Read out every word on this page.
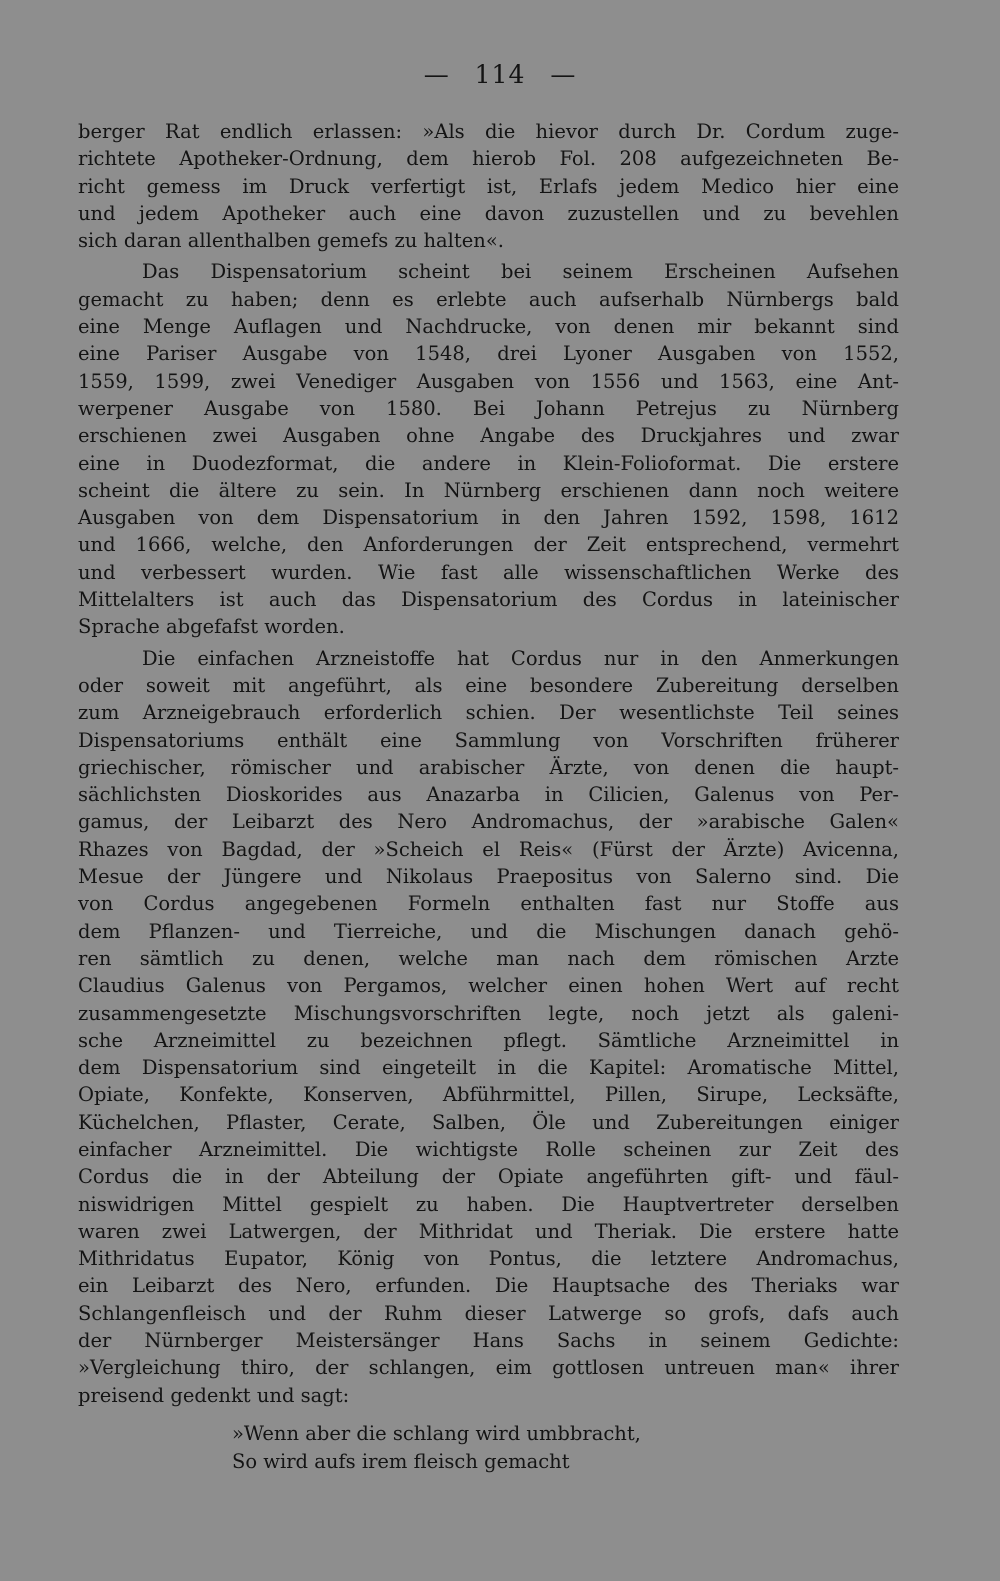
— 114 —

berger Rat endlich erlassen: »Als die hievor durch Dr. Cordum zuge-
richtete Apotheker-Ordnung, dem hierob Fol. 208 aufgezeichneten Be-
richt gemess im Druck verfertigt ist, Erlafs jedem Medico hier eine
und jedem Apotheker auch eine davon zuzustellen und zu bevehlen
sich daran allenthalben gemefs zu halten«.

Das Dispensatorium scheint bei seinem Erscheinen Aufsehen
gemacht zu haben; denn es erlebte auch aufserhalb Nürnbergs bald
eine Menge Auflagen und Nachdrucke, von denen mir bekannt sind
eine Pariser Ausgabe von 1548, drei Lyoner Ausgaben von 1552,
1559, 1599, zwei Venediger Ausgaben von 1556 und 1563, eine Ant-
werpener Ausgabe von 1580. Bei Johann Petrejus zu Nürnberg
erschienen zwei Ausgaben ohne Angabe des Druckjahres und zwar
eine in Duodezformat, die andere in Klein-Folioformat. Die erstere
scheint die ältere zu sein. In Nürnberg erschienen dann noch weitere
Ausgaben von dem Dispensatorium in den Jahren 1592, 1598, 1612
und 1666, welche, den Anforderungen der Zeit entsprechend, vermehrt
und verbessert wurden. Wie fast alle wissenschaftlichen Werke des
Mittelalters ist auch das Dispensatorium des Cordus in lateinischer
Sprache abgefafst worden.

Die einfachen Arzneistoffe hat Cordus nur in den Anmerkungen
oder soweit mit angeführt, als eine besondere Zubereitung derselben
zum Arzneigebrauch erforderlich schien. Der wesentlichste Teil seines
Dispensatoriums enthält eine Sammlung von Vorschriften früherer
griechischer, römischer und arabischer Ärzte, von denen die haupt-
sächlichsten Dioskorides aus Anazarba in Cilicien, Galenus von Per-
gamus, der Leibarzt des Nero Andromachus, der »arabische Galen«
Rhazes von Bagdad, der »Scheich el Reis« (Fürst der Ärzte) Avicenna,
Mesue der Jüngere und Nikolaus Praepositus von Salerno sind. Die
von Cordus angegebenen Formeln enthalten fast nur Stoffe aus
dem Pflanzen- und Tierreiche, und die Mischungen danach gehö-
ren sämtlich zu denen, welche man nach dem römischen Arzte
Claudius Galenus von Pergamos, welcher einen hohen Wert auf recht
zusammengesetzte Mischungsvorschriften legte, noch jetzt als galeni-
sche Arzneimittel zu bezeichnen pflegt. Sämtliche Arzneimittel in
dem Dispensatorium sind eingeteilt in die Kapitel: Aromatische Mittel,
Opiate, Konfekte, Konserven, Abführmittel, Pillen, Sirupe, Lecksäfte,
Küchelchen, Pflaster, Cerate, Salben, Öle und Zubereitungen einiger
einfacher Arzneimittel. Die wichtigste Rolle scheinen zur Zeit des
Cordus die in der Abteilung der Opiate angeführten gift- und fäul-
niswidrigen Mittel gespielt zu haben. Die Hauptvertreter derselben
waren zwei Latwergen, der Mithridat und Theriak. Die erstere hatte
Mithridatus Eupator, König von Pontus, die letztere Andromachus,
ein Leibarzt des Nero, erfunden. Die Hauptsache des Theriaks war
Schlangenfleisch und der Ruhm dieser Latwerge so grofs, dafs auch
der Nürnberger Meistersänger Hans Sachs in seinem Gedichte:
»Vergleichung thiro, der schlangen, eim gottlosen untreuen man« ihrer
preisend gedenkt und sagt:

»Wenn aber die schlang wird umbbracht,
So wird aufs irem fleisch gemacht
